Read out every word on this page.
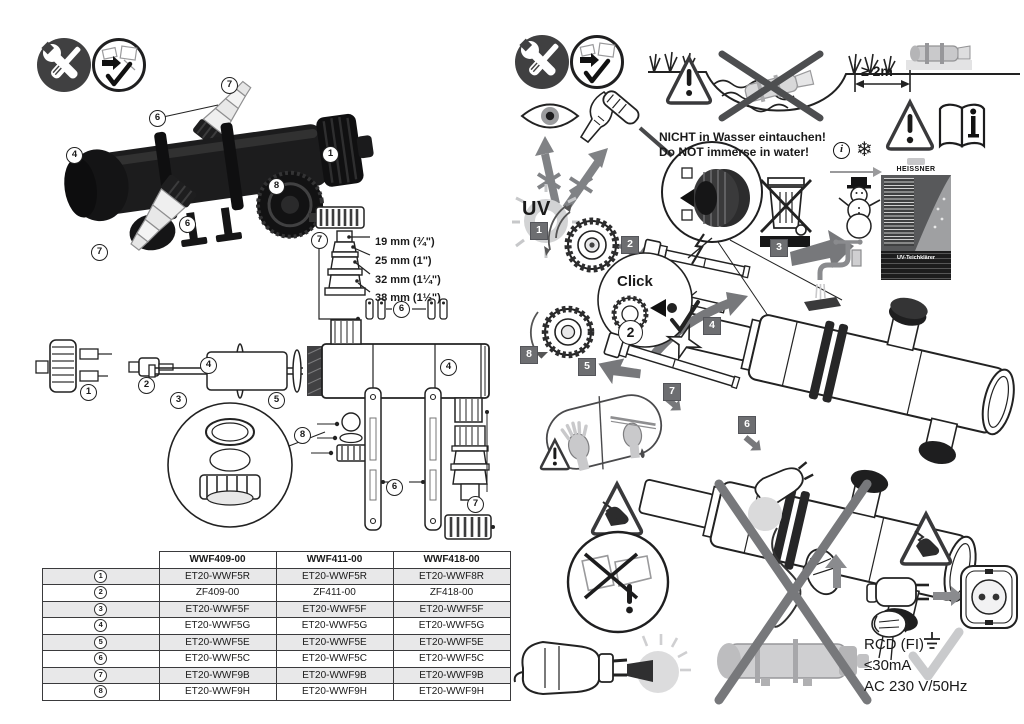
7
6
4	1
8
6
7
7
6
19 mm (¾")
25 mm (1")
32 mm (1¼")
38 mm (1½")
1
2
3
4	4
5
8
6
7
	WWF409-00	WWF411-00	WWF418-00
1	ET20-WWF5R	ET20-WWF5R	ET20-WWF8R
2	ZF409-00	ZF411-00	ZF418-00
3	ET20-WWF5F	ET20-WWF5F	ET20-WWF5F
4	ET20-WWF5G	ET20-WWF5G	ET20-WWF5G
5	ET20-WWF5E	ET20-WWF5E	ET20-WWF5E
6	ET20-WWF5C	ET20-WWF5C	ET20-WWF5C
7	ET20-WWF9B	ET20-WWF9B	ET20-WWF9B
8	ET20-WWF9H	ET20-WWF9H	ET20-WWF9H
≥ 2m
NICHT in Wasser eintauchen!
Do NOT immerse in water!	i ❄
HEISSNER
UV-Teichklärer
UV
Click
2
1
2	3
4
5
6
7
8
RCD (FI)
≤30mA
AC 230 V/50Hz
